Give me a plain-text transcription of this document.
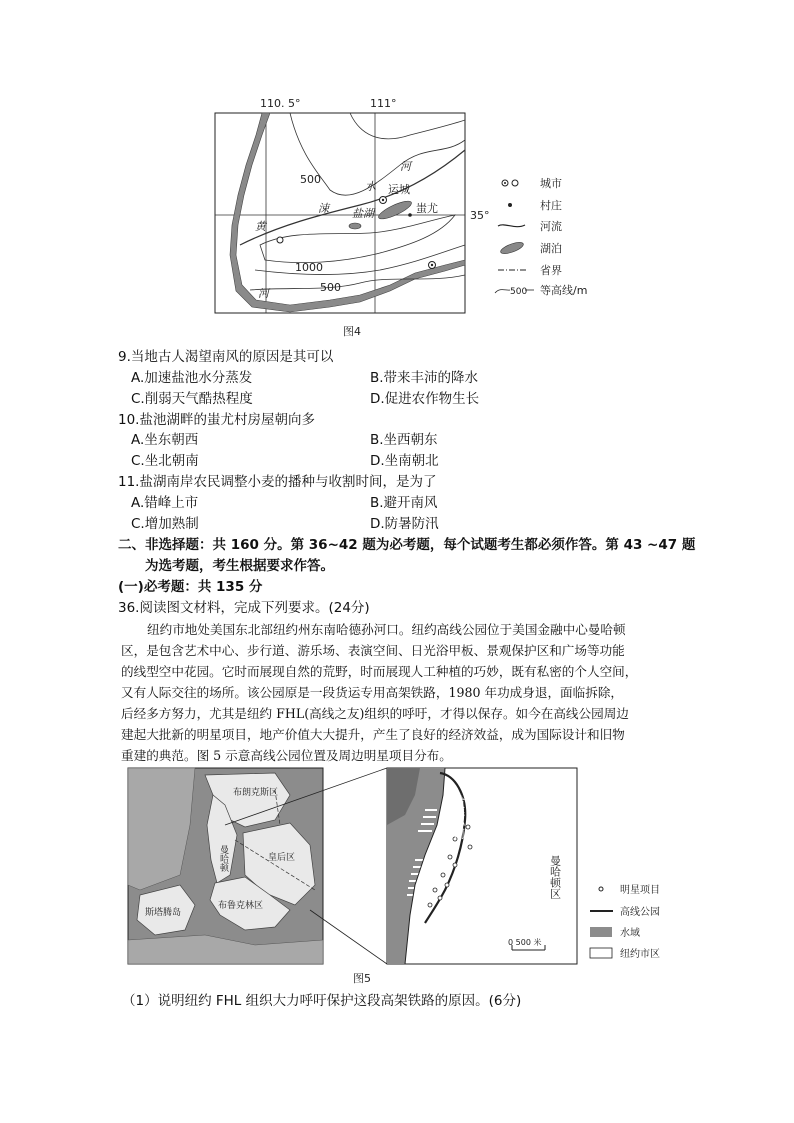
110. 5°	111°
35°
河
水
涑
运城
盐湖	蚩尤
黄
河
500
1000
500
城市
村庄
河流
湖泊
省界
500 等高线/m
图4
9.当地古人渴望南风的原因是其可以
A.加速盐池水分蒸发	B.带来丰沛的降水
C.削弱天气酷热程度	D.促进农作物生长
10.盐池湖畔的蚩尤村房屋朝向多
A.坐东朝西	B.坐西朝东
C.坐北朝南	D.坐南朝北
11.盐湖南岸农民调整小麦的播种与收割时间，是为了
A.错峰上市	B.避开南风
C.增加熟制	D.防暑防汛
二、非选择题：共 160 分。第 36~42 题为必考题，每个试题考生都必须作答。第 43 ~47 题
为选考题，考生根据要求作答。
(一)必考题：共 135 分
36.阅读图文材料，完成下列要求。(24分)
纽约市地处美国东北部纽约州东南哈德孙河口。纽约高线公园位于美国金融中心曼哈顿
区，是包含艺术中心、步行道、游乐场、表演空间、日光浴甲板、景观保护区和广场等功能
的线型空中花园。它时而展现自然的荒野，时而展现人工种植的巧妙，既有私密的个人空间，
又有人际交往的场所。该公园原是一段货运专用高架铁路，1980 年功成身退，面临拆除，
后经多方努力，尤其是纽约 FHL(高线之友)组织的呼吁，才得以保存。如今在高线公园周边
建起大批新的明星项目，地产价值大大提升，产生了良好的经济效益，成为国际设计和旧物
重建的典范。图 5 示意高线公园位置及周边明星项目分布。
布朗克斯区
曼哈顿	皇后区
布鲁克林区
斯塔腾岛
哈德孙河
曼哈顿区
0 500 米
明星项目
高线公园
水域
纽约市区
图5
（1）说明纽约 FHL 组织大力呼吁保护这段高架铁路的原因。(6分)
